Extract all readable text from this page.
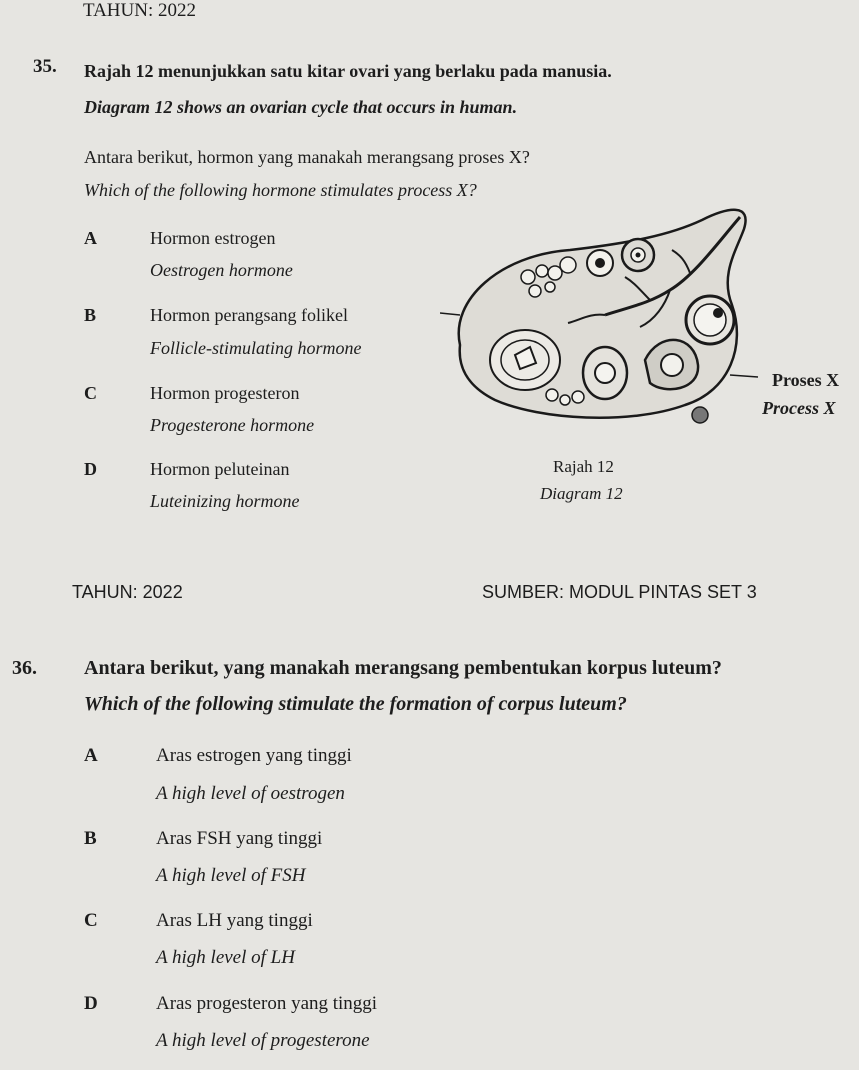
TAHUN: 2022
35. Rajah 12 menunjukkan satu kitar ovari yang berlaku pada manusia.
Diagram 12 shows an ovarian cycle that occurs in human.
Antara berikut, hormon yang manakah merangsang proses X?
Which of the following hormone stimulates process X?
A	Hormon estrogen
Oestrogen hormone
B	Hormon perangsang folikel
Follicle-stimulating hormone
C	Hormon progesteron
Progesterone hormone
D	Hormon peluteinan
Luteinizing hormone
Proses X
Process X
Rajah 12
Diagram 12
TAHUN: 2022	SUMBER: MODUL PINTAS SET 3
36. Antara berikut, yang manakah merangsang pembentukan korpus luteum?
Which of the following stimulate the formation of corpus luteum?
A	Aras estrogen yang tinggi
A high level of oestrogen
B	Aras FSH yang tinggi
A high level of FSH
C	Aras LH yang tinggi
A high level of LH
D	Aras progesteron yang tinggi
A high level of progesterone
